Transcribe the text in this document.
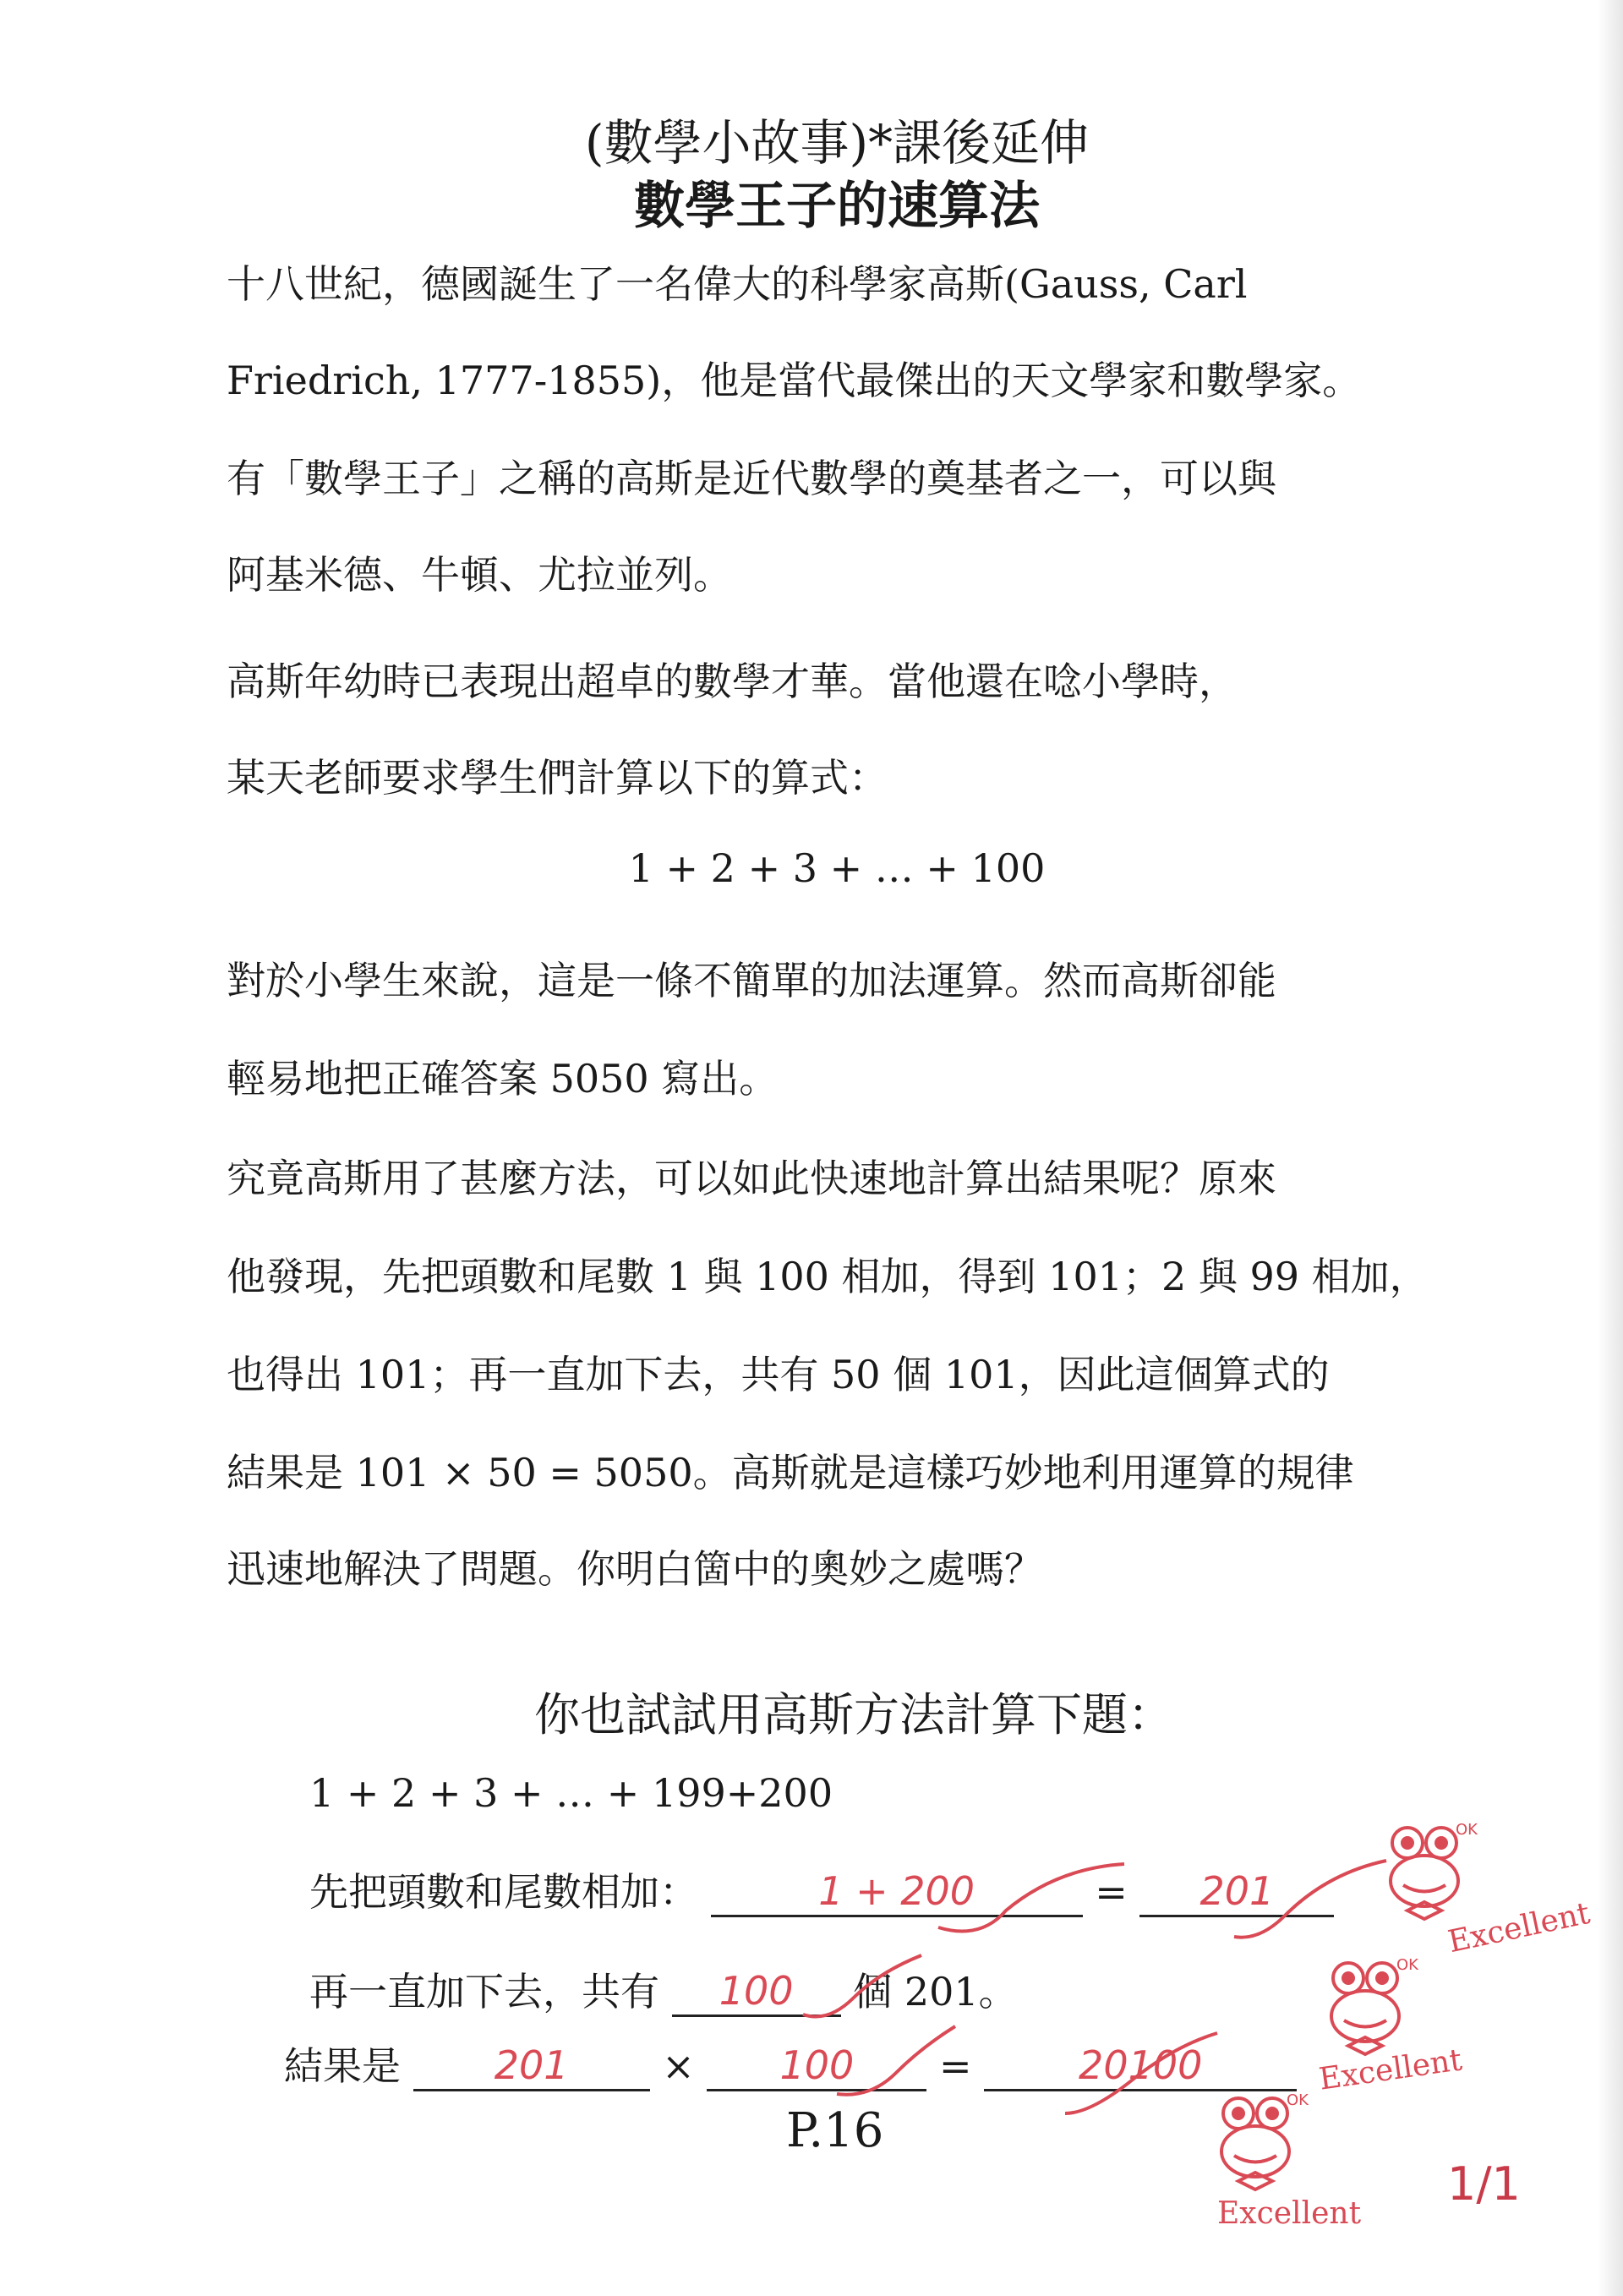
(數學小故事)*課後延伸
數學王子的速算法
十八世紀，德國誕生了一名偉大的科學家高斯(Gauss, Carl
Friedrich, 1777-1855)，他是當代最傑出的天文學家和數學家。
有「數學王子」之稱的高斯是近代數學的奠基者之一，可以與
阿基米德、牛頓、尤拉並列。
高斯年幼時已表現出超卓的數學才華。當他還在唸小學時，
某天老師要求學生們計算以下的算式：
1 + 2 + 3 + … + 100
對於小學生來說，這是一條不簡單的加法運算。然而高斯卻能
輕易地把正確答案 5050 寫出。
究竟高斯用了甚麼方法，可以如此快速地計算出結果呢？原來
他發現，先把頭數和尾數 1 與 100 相加，得到 101；2 與 99 相加，
也得出 101；再一直加下去，共有 50 個 101，因此這個算式的
結果是 101 × 50 = 5050。高斯就是這樣巧妙地利用運算的規律
迅速地解決了問題。你明白箇中的奧妙之處嗎？
你也試試用高斯方法計算下題：
1 + 2 + 3 + … + 199+200
先把頭數和尾數相加：	1 + 200	= 201
再一直加下去，共有 100 個 201。
結果是 201 × 100 =	20100
OK
Excellent
OK
Excellent
OK
Excellent
P.16
1/1
